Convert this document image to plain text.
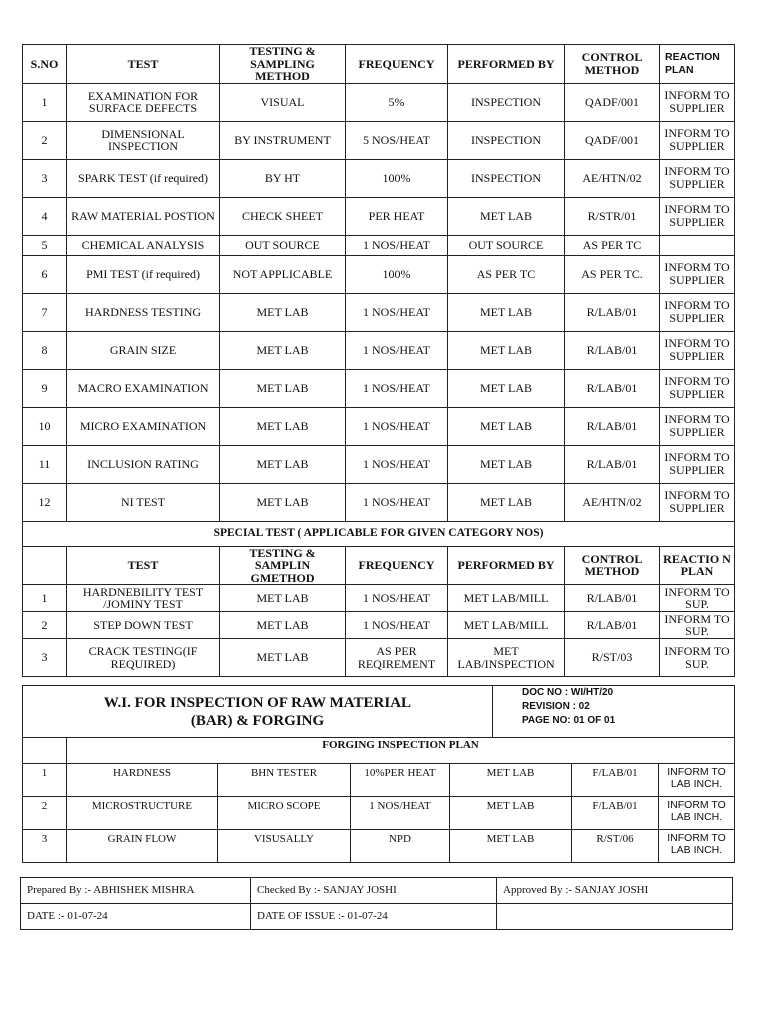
S.NO	TEST	TESTING & SAMPLING METHOD	FREQUENCY	PERFORMED BY	CONTROL METHOD	REACTION PLAN
1	EXAMINATION FOR SURFACE DEFECTS	VISUAL	5%	INSPECTION	QADF/001	INFORM TO SUPPLIER
2	DIMENSIONAL INSPECTION	BY INSTRUMENT	5 NOS/HEAT	INSPECTION	QADF/001	INFORM TO SUPPLIER
3	SPARK TEST (if required)	BY HT	100%	INSPECTION	AE/HTN/02	INFORM TO SUPPLIER
4	RAW MATERIAL POSTION	CHECK SHEET	PER HEAT	MET LAB	R/STR/01	INFORM TO SUPPLIER
5	CHEMICAL ANALYSIS	OUT SOURCE	1 NOS/HEAT	OUT SOURCE	AS PER TC	
6	PMI TEST (if required)	NOT APPLICABLE	100%	AS PER TC	AS PER TC.	INFORM TO SUPPLIER
7	HARDNESS TESTING	MET LAB	1 NOS/HEAT	MET LAB	R/LAB/01	INFORM TO SUPPLIER
8	GRAIN SIZE	MET LAB	1 NOS/HEAT	MET LAB	R/LAB/01	INFORM TO SUPPLIER
9	MACRO EXAMINATION	MET LAB	1 NOS/HEAT	MET LAB	R/LAB/01	INFORM TO SUPPLIER
10	MICRO EXAMINATION	MET LAB	1 NOS/HEAT	MET LAB	R/LAB/01	INFORM TO SUPPLIER
11	INCLUSION RATING	MET LAB	1 NOS/HEAT	MET LAB	R/LAB/01	INFORM TO SUPPLIER
12	NI TEST	MET LAB	1 NOS/HEAT	MET LAB	AE/HTN/02	INFORM TO SUPPLIER
SPECIAL TEST ( APPLICABLE FOR GIVEN CATEGORY NOS)						
	TEST	TESTING & SAMPLIN GMETHOD	FREQUENCY	PERFORMED BY	CONTROL METHOD	REACTIO N PLAN
1	HARDNEBILITY TEST /JOMINY TEST	MET LAB	1 NOS/HEAT	MET LAB/MILL	R/LAB/01	INFORM TO SUP.
2	STEP DOWN TEST	MET LAB	1 NOS/HEAT	MET LAB/MILL	R/LAB/01	INFORM TO SUP.
3	CRACK TESTING(IF REQUIRED)	MET LAB	AS PER REQIREMENT	MET LAB/INSPECTION	R/ST/03	INFORM TO SUP.
W.I. FOR INSPECTION OF RAW MATERIAL
(BAR) & FORGING

DOC NO : WI/HT/20
REVISION : 02
PAGE NO: 01 OF 01
	FORGING INSPECTION PLAN					
1	HARDNESS	BHN TESTER	10%PER HEAT	MET LAB	F/LAB/01	INFORM TO LAB INCH.
2	MICROSTRUCTURE	MICRO SCOPE	1 NOS/HEAT	MET LAB	F/LAB/01	INFORM TO LAB INCH.
3	GRAIN FLOW	VISUSALLY	NPD	MET LAB	R/ST/06	INFORM TO LAB INCH.
Prepared By :- ABHISHEK MISHRA	Checked By :- SANJAY JOSHI	Approved By :- SANJAY JOSHI
DATE :- 01-07-24	DATE OF ISSUE :- 01-07-24	
